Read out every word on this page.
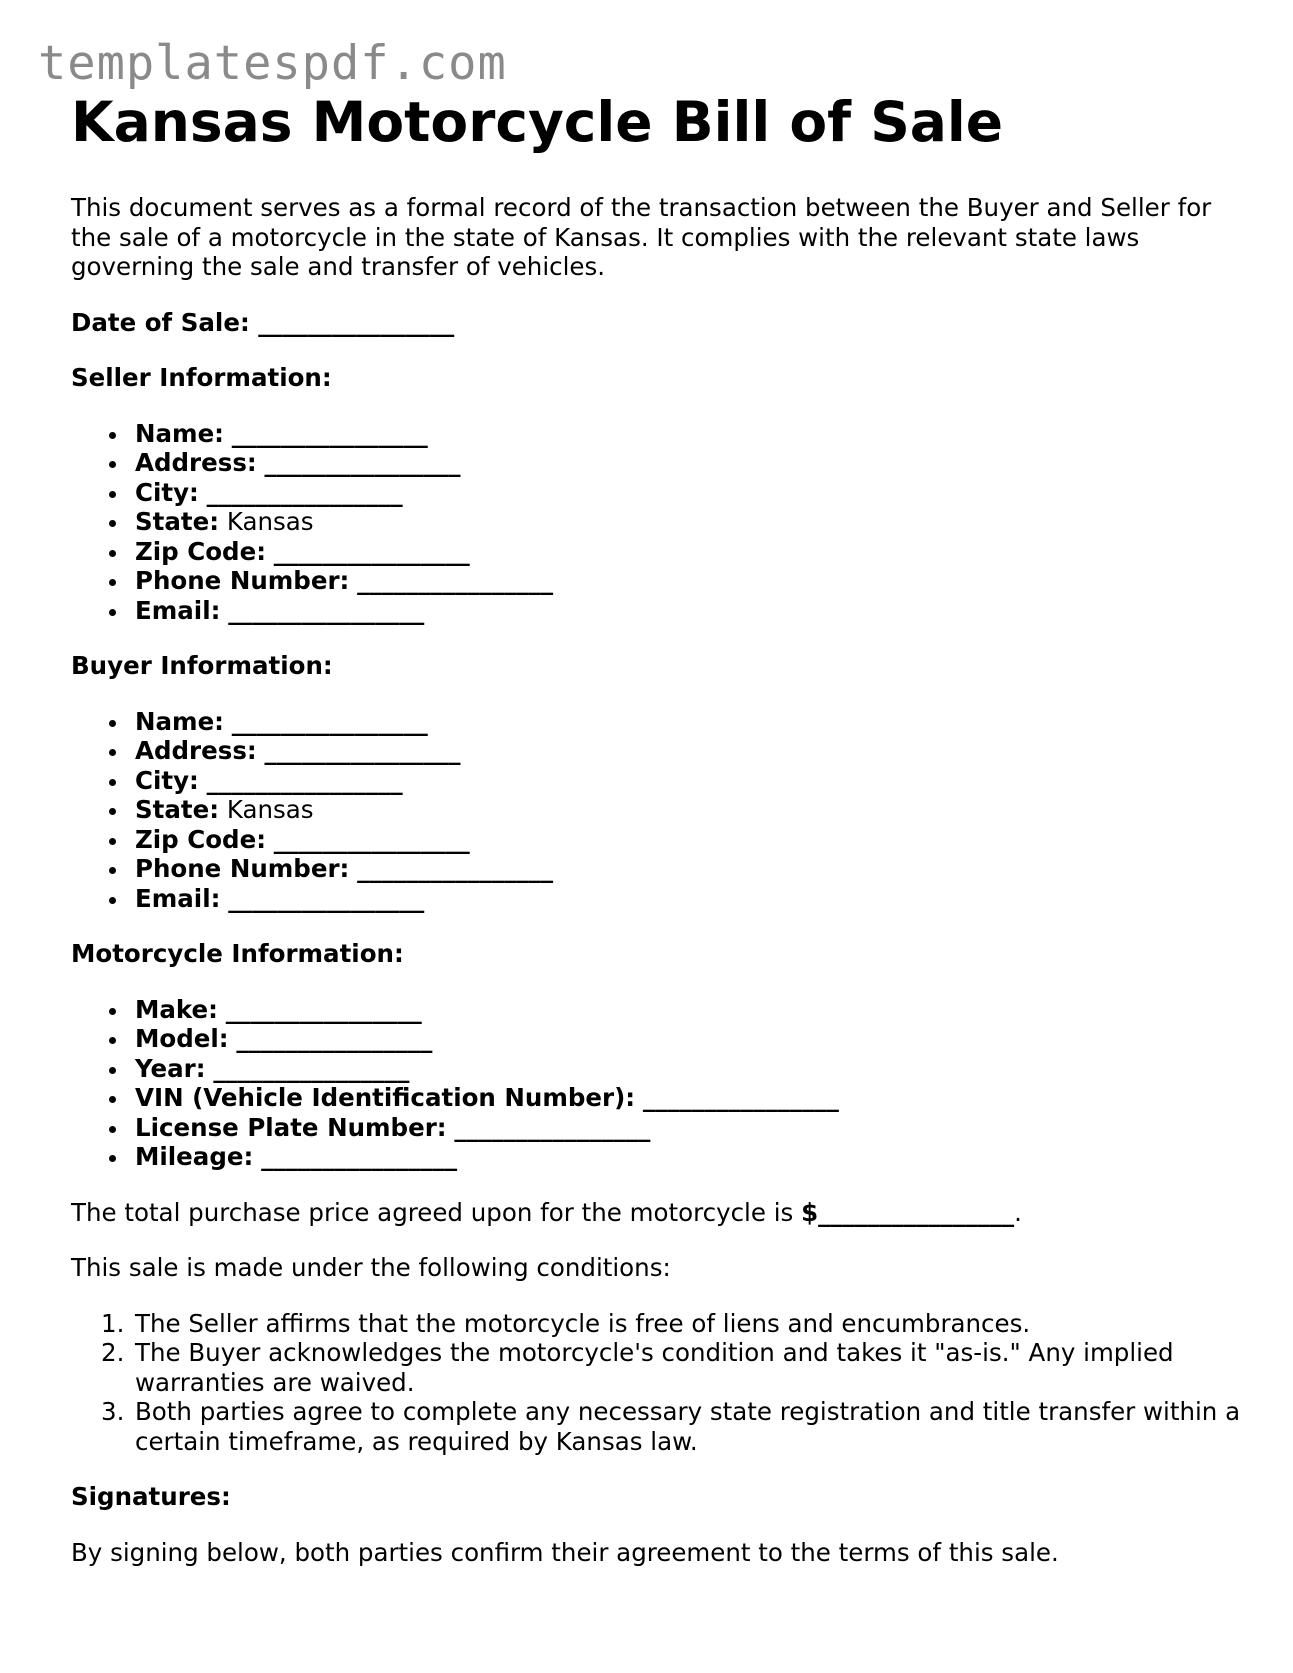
templatespdf.com
Kansas Motorcycle Bill of Sale

This document serves as a formal record of the transaction between the Buyer and Seller for the sale of a motorcycle in the state of Kansas. It complies with the relevant state laws governing the sale and transfer of vehicles.

Date of Sale: ________________
Seller Information:
Name: ________________
Address: ________________
City: ________________
State: Kansas
Zip Code: ________________
Phone Number: ________________
Email: ________________
Buyer Information:
Name: ________________
Address: ________________
City: ________________
State: Kansas
Zip Code: ________________
Phone Number: ________________
Email: ________________
Motorcycle Information:
Make: ________________
Model: ________________
Year: ________________
VIN (Vehicle Identification Number): ________________
License Plate Number: ________________
Mileage: ________________
The total purchase price agreed upon for the motorcycle is $________________.
This sale is made under the following conditions:
1. The Seller affirms that the motorcycle is free of liens and encumbrances.
2. The Buyer acknowledges the motorcycle's condition and takes it "as-is." Any implied warranties are waived.
3. Both parties agree to complete any necessary state registration and title transfer within a certain timeframe, as required by Kansas law.
Signatures:
By signing below, both parties confirm their agreement to the terms of this sale.
